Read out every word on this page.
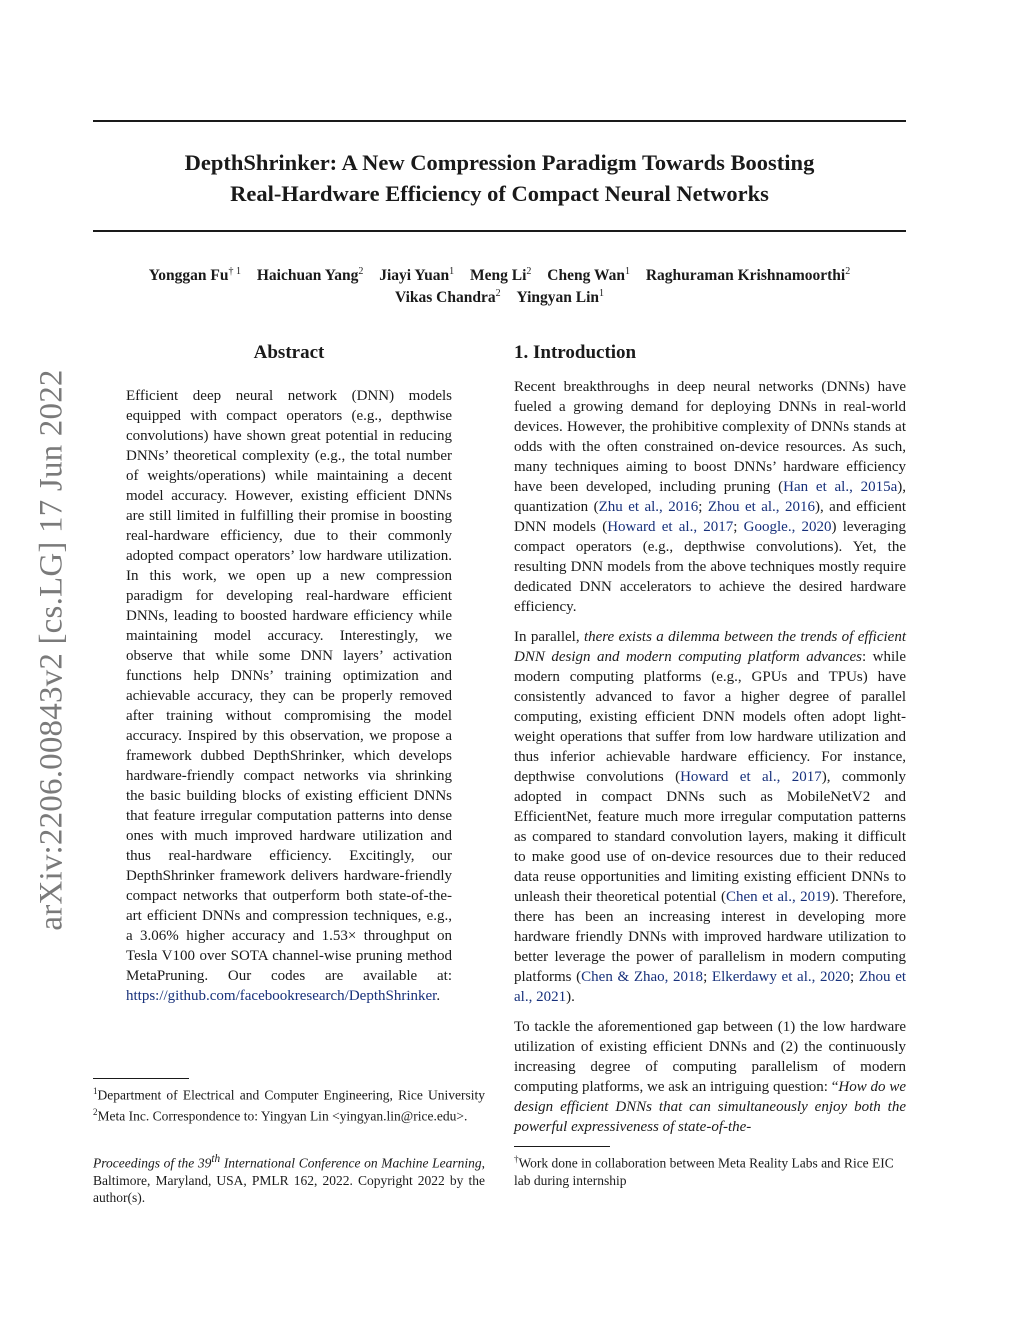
DepthShrinker: A New Compression Paradigm Towards Boosting
Real-Hardware Efficiency of Compact Neural Networks
Yonggan Fu$^{\dagger 1}$ Haichuan Yang$^2$ Jiayi Yuan$^1$ Meng Li$^2$ Cheng Wan$^1$ Raghuraman Krishnamoorthi$^2$
Vikas Chandra$^2$ Yingyan Lin$^1$
arXiv:2206.00843v2 [cs.LG] 17 Jun 2022
Abstract
Efficient deep neural network (DNN) models equipped with compact operators (e.g., depthwise convolutions) have shown great potential in reducing DNNs’ theoretical complexity (e.g., the total number of weights/operations) while maintaining a decent model accuracy. However, existing efficient DNNs are still limited in fulfilling their promise in boosting real-hardware efficiency, due to their commonly adopted compact operators’ low hardware utilization. In this work, we open up a new compression paradigm for developing real-hardware efficient DNNs, leading to boosted hardware efficiency while maintaining model accuracy. Interestingly, we observe that while some DNN layers’ activation functions help DNNs’ training optimization and achievable accuracy, they can be properly removed after training without compromising the model accuracy. Inspired by this observation, we propose a framework dubbed DepthShrinker, which develops hardware-friendly compact networks via shrinking the basic building blocks of existing efficient DNNs that feature irregular computation patterns into dense ones with much improved hardware utilization and thus real-hardware efficiency. Excitingly, our DepthShrinker framework delivers hardware-friendly compact networks that outperform both state-of-the-art efficient DNNs and compression techniques, e.g., a 3.06% higher accuracy and 1.53× throughput on Tesla V100 over SOTA channel-wise pruning method MetaPruning. Our codes are available at: https://github.com/facebookresearch/DepthShrinker.

$^1$Department of Electrical and Computer Engineering, Rice University $^2$Meta Inc. Correspondence to: Yingyan Lin <yingyan.lin@rice.edu>.

Proceedings of the 39th International Conference on Machine Learning, Baltimore, Maryland, USA, PMLR 162, 2022. Copyright 2022 by the author(s).

1. Introduction

Recent breakthroughs in deep neural networks (DNNs) have fueled a growing demand for deploying DNNs in real-world devices. However, the prohibitive complexity of DNNs stands at odds with the often constrained on-device resources. As such, many techniques aiming to boost DNNs’ hardware efficiency have been developed, including pruning (Han et al., 2015a), quantization (Zhu et al., 2016; Zhou et al., 2016), and efficient DNN models (Howard et al., 2017; Google., 2020) leveraging compact operators (e.g., depthwise convolutions). Yet, the resulting DNN models from the above techniques mostly require dedicated DNN accelerators to achieve the desired hardware efficiency.

In parallel, there exists a dilemma between the trends of efficient DNN design and modern computing platform advances: while modern computing platforms (e.g., GPUs and TPUs) have consistently advanced to favor a higher degree of parallel computing, existing efficient DNN models often adopt light-weight operations that suffer from low hardware utilization and thus inferior achievable hardware efficiency. For instance, depthwise convolutions (Howard et al., 2017), commonly adopted in compact DNNs such as MobileNetV2 and EfficientNet, feature much more irregular computation patterns as compared to standard convolution layers, making it difficult to make good use of on-device resources due to their reduced data reuse opportunities and limiting existing efficient DNNs to unleash their theoretical potential (Chen et al., 2019). Therefore, there has been an increasing interest in developing more hardware friendly DNNs with improved hardware utilization to better leverage the power of parallelism in modern computing platforms (Chen & Zhao, 2018; Elkerdawy et al., 2020; Zhou et al., 2021).

To tackle the aforementioned gap between (1) the low hardware utilization of existing efficient DNNs and (2) the continuously increasing degree of computing parallelism of modern computing platforms, we ask an intriguing question: “How do we design efficient DNNs that can simultaneously enjoy both the powerful expressiveness of state-of-the-

†Work done in collaboration between Meta Reality Labs and Rice EIC lab during internship
